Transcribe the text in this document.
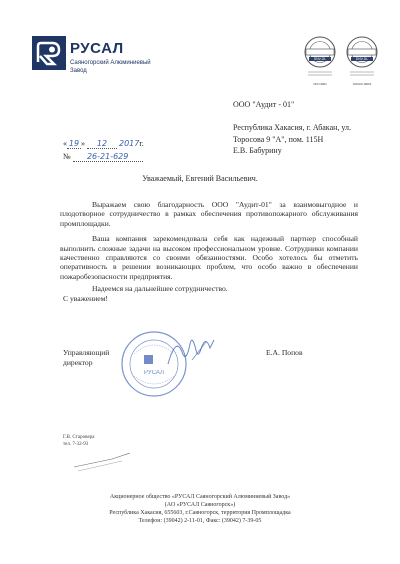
РУСАЛ
Саяногорский Алюминиевый Завод
DNV-GL
ИСО 9001
DNV-GL
OHSAS 18001
ООО "Аудит - 01"

Республика Хакасия, г. Абакан, ул.
Торосова 9 "А", пом. 115Н
Е.В. Бабурину
« 19 » 12 2017г.
№ 26-21-629
Уважаемый, Евгений Васильевич.

Выражаем свою благодарность ООО "Аудит-01" за взаимовыгодное и плодотворное сотрудничество в рамках обеспечения противопожарного обслуживания промплощадки.

Ваша компания зарекомендовала себя как надежный партнер способный выполнить сложные задачи на высоком профессиональном уровне. Сотрудники компании качественно справляются со своими обязанностями. Особо хотелось бы отметить оперативность в решении возникающих проблем, что особо важно в обеспечении пожаробезопасности предприятия.

Надеемся на дальнейшее сотрудничество.

С уважением!
РУСАЛ
Управляющий
директор
Е.А. Попов
Г.В. Старовера
тел. 7-32-93
Акционерное общество «РУСАЛ Саяногорский Алюминиевый Завод»
(АО «РУСАЛ Саяногорск»)
Республика Хакасия, 655603, г.Саяногорск, территория Промплощадка
Телефон: (39042) 2-11-01, Факс: (39042) 7-39-05
